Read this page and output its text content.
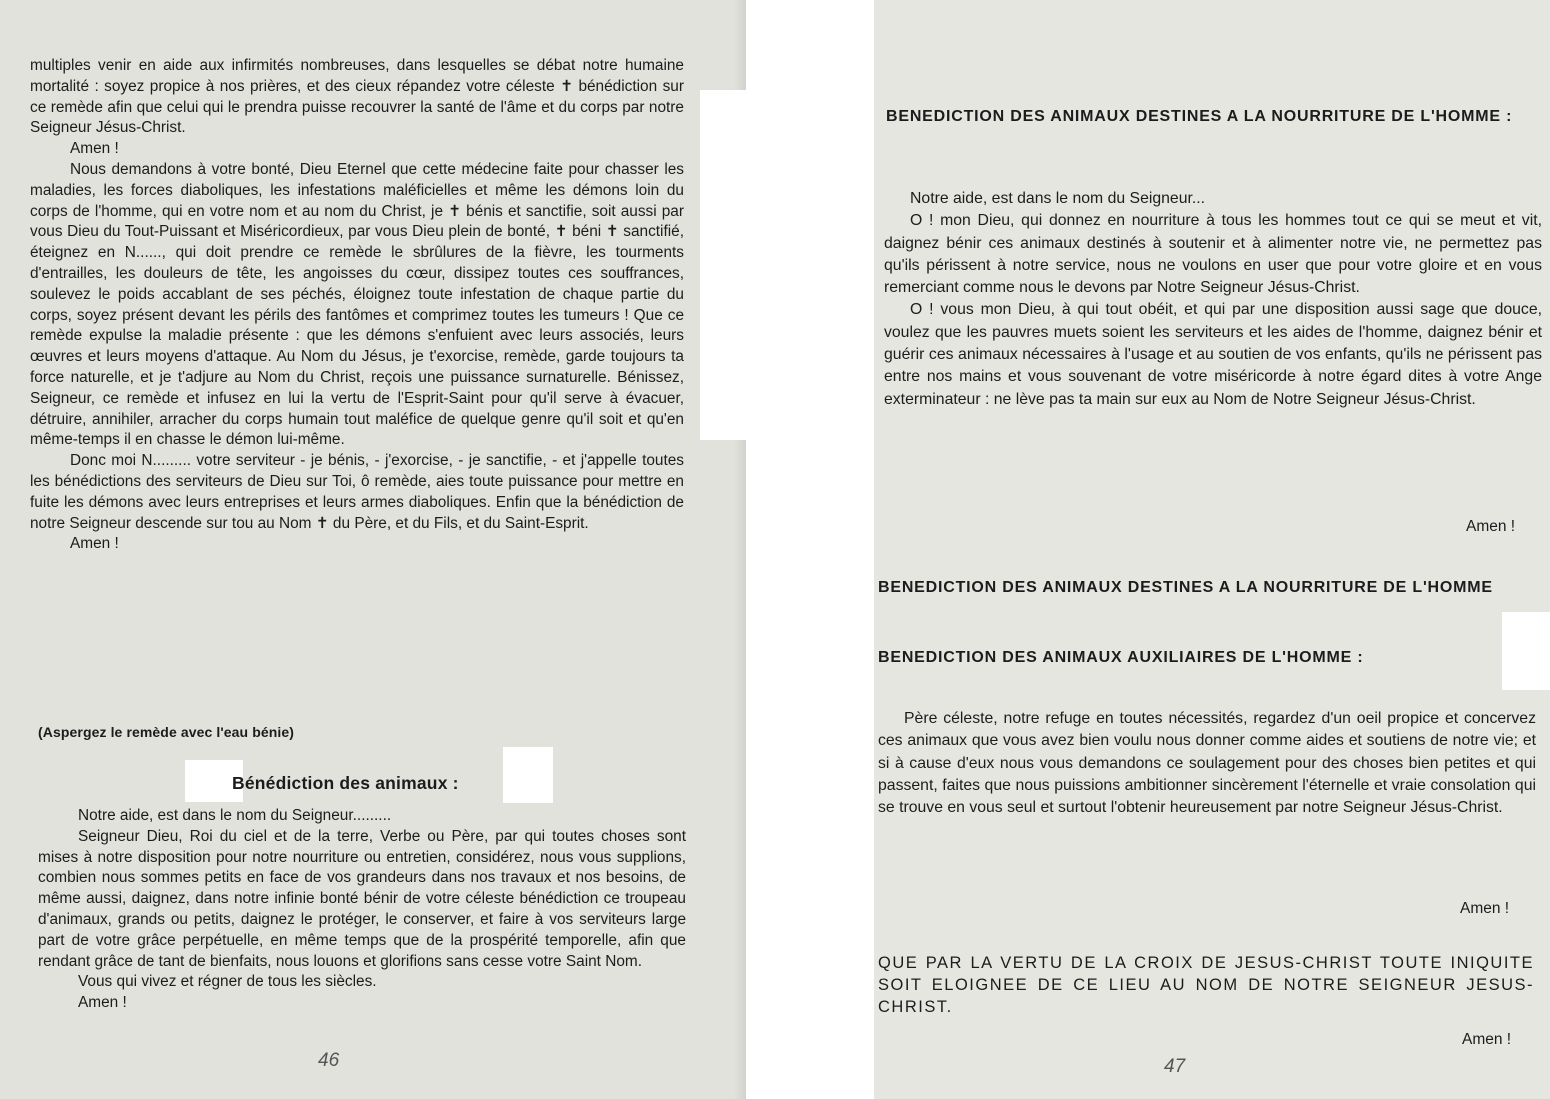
multiples venir en aide aux infirmités nombreuses, dans lesquelles se débat notre humaine mortalité : soyez propice à nos prières, et des cieux répandez votre céleste ✝ bénédiction sur ce remède afin que celui qui le prendra puisse recouvrer la santé de l'âme et du corps par notre Seigneur Jésus-Christ.

Amen !

Nous demandons à votre bonté, Dieu Eternel que cette médecine faite pour chasser les maladies, les forces diaboliques, les infestations maléficielles et même les démons loin du corps de l'homme, qui en votre nom et au nom du Christ, je ✝ bénis et sanctifie, soit aussi par vous Dieu du Tout-Puissant et Miséricordieux, par vous Dieu plein de bonté, ✝ béni ✝ sanctifié, éteignez en N......, qui doit prendre ce remède le sbrûlures de la fièvre, les tourments d'entrailles, les douleurs de tête, les angoisses du cœur, dissipez toutes ces souffrances, soulevez le poids accablant de ses péchés, éloignez toute infestation de chaque partie du corps, soyez présent devant les périls des fantômes et comprimez toutes les tumeurs ! Que ce remède expulse la maladie présente : que les démons s'enfuient avec leurs associés, leurs œuvres et leurs moyens d'attaque. Au Nom du Jésus, je t'exorcise, remède, garde toujours ta force naturelle, et je t'adjure au Nom du Christ, reçois une puissance surnaturelle. Bénissez, Seigneur, ce remède et infusez en lui la vertu de l'Esprit-Saint pour qu'il serve à évacuer, détruire, annihiler, arracher du corps humain tout maléfice de quelque genre qu'il soit et qu'en même-temps il en chasse le démon lui-même.

Donc moi N......... votre serviteur - je bénis, - j'exorcise, - je sanctifie, - et j'appelle toutes les bénédictions des serviteurs de Dieu sur Toi, ô remède, aies toute puissance pour mettre en fuite les démons avec leurs entreprises et leurs armes diaboliques. Enfin que la bénédiction de notre Seigneur descende sur tou au Nom ✝ du Père, et du Fils, et du Saint-Esprit.

Amen !

(Aspergez le remède avec l'eau bénie)
Bénédiction des animaux :

Notre aide, est dans le nom du Seigneur.........

Seigneur Dieu, Roi du ciel et de la terre, Verbe ou Père, par qui toutes choses sont mises à notre disposition pour notre nourriture ou entretien, considérez, nous vous supplions, combien nous sommes petits en face de vos grandeurs dans nos travaux et nos besoins, de même aussi, daignez, dans notre infinie bonté bénir de votre céleste bénédiction ce troupeau d'animaux, grands ou petits, daignez le protéger, le conserver, et faire à vos serviteurs large part de votre grâce perpétuelle, en même temps que de la prospérité temporelle, afin que rendant grâce de tant de bienfaits, nous louons et glorifions sans cesse votre Saint Nom.

Vous qui vivez et régner de tous les siècles.

Amen !

46
BENEDICTION DES ANIMAUX DESTINES A LA NOURRITURE DE L'HOMME :

Notre aide, est dans le nom du Seigneur...

O ! mon Dieu, qui donnez en nourriture à tous les hommes tout ce qui se meut et vit, daignez bénir ces animaux destinés à soutenir et à alimenter notre vie, ne permettez pas qu'ils périssent à notre service, nous ne voulons en user que pour votre gloire et en vous remerciant comme nous le devons par Notre Seigneur Jésus-Christ.

O ! vous mon Dieu, à qui tout obéit, et qui par une disposition aussi sage que douce, voulez que les pauvres muets soient les serviteurs et les aides de l'homme, daignez bénir et guérir ces animaux nécessaires à l'usage et au soutien de vos enfants, qu'ils ne périssent pas entre nos mains et vous souvenant de votre miséricorde à notre égard dites à votre Ange exterminateur : ne lève pas ta main sur eux au Nom de Notre Seigneur Jésus-Christ.

Amen !
BENEDICTION DES ANIMAUX DESTINES A LA NOURRITURE DE L'HOMME
BENEDICTION DES ANIMAUX AUXILIAIRES DE L'HOMME :

Père céleste, notre refuge en toutes nécessités, regardez d'un oeil propice et concervez ces animaux que vous avez bien voulu nous donner comme aides et soutiens de notre vie; et si à cause d'eux nous vous demandons ce soulagement pour des choses bien petites et qui passent, faites que nous puissions ambitionner sincèrement l'éternelle et vraie consolation qui se trouve en vous seul et surtout l'obtenir heureusement par notre Seigneur Jésus-Christ.

Amen !
QUE PAR LA VERTU DE LA CROIX DE JESUS-CHRIST TOUTE INIQUITE SOIT ELOIGNEE DE CE LIEU AU NOM DE NOTRE SEIGNEUR JESUS-CHRIST.
Amen !
47
